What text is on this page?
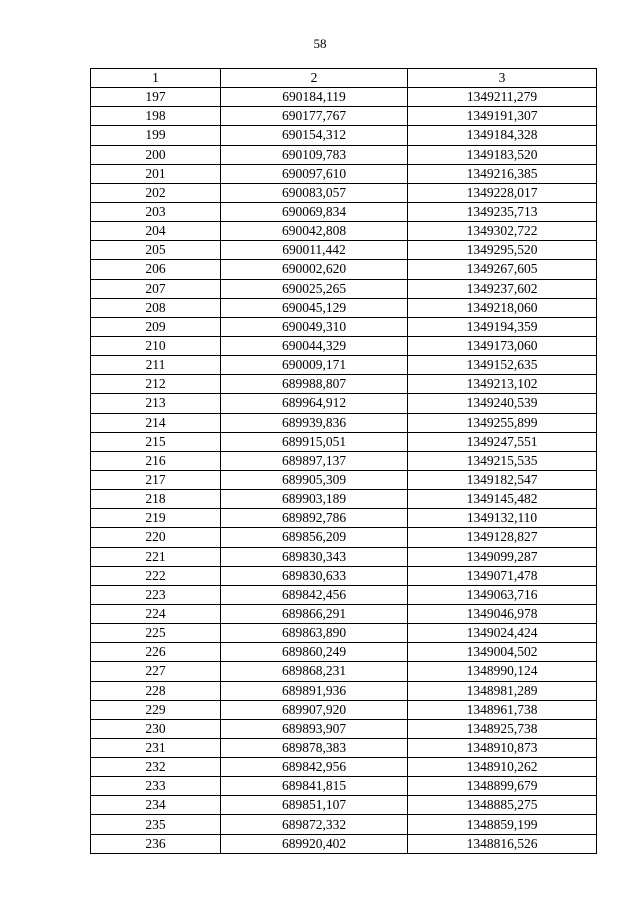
58
1	2	3
197	690184,119	1349211,279
198	690177,767	1349191,307
199	690154,312	1349184,328
200	690109,783	1349183,520
201	690097,610	1349216,385
202	690083,057	1349228,017
203	690069,834	1349235,713
204	690042,808	1349302,722
205	690011,442	1349295,520
206	690002,620	1349267,605
207	690025,265	1349237,602
208	690045,129	1349218,060
209	690049,310	1349194,359
210	690044,329	1349173,060
211	690009,171	1349152,635
212	689988,807	1349213,102
213	689964,912	1349240,539
214	689939,836	1349255,899
215	689915,051	1349247,551
216	689897,137	1349215,535
217	689905,309	1349182,547
218	689903,189	1349145,482
219	689892,786	1349132,110
220	689856,209	1349128,827
221	689830,343	1349099,287
222	689830,633	1349071,478
223	689842,456	1349063,716
224	689866,291	1349046,978
225	689863,890	1349024,424
226	689860,249	1349004,502
227	689868,231	1348990,124
228	689891,936	1348981,289
229	689907,920	1348961,738
230	689893,907	1348925,738
231	689878,383	1348910,873
232	689842,956	1348910,262
233	689841,815	1348899,679
234	689851,107	1348885,275
235	689872,332	1348859,199
236	689920,402	1348816,526
